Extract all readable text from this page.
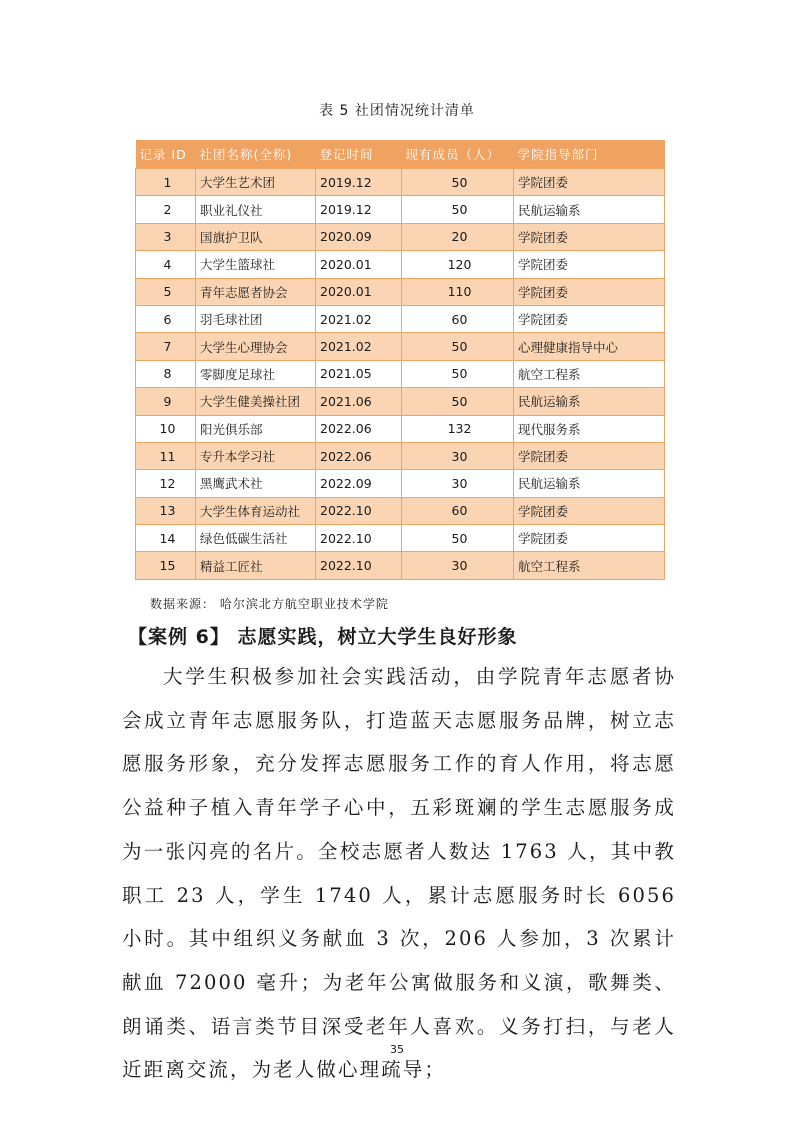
表 5 社团情况统计清单
记录 ID	社团名称(全称)	登记时间	现有成员（人）	学院指导部门
1	大学生艺术团	2019.12	50	学院团委
2	职业礼仪社	2019.12	50	民航运输系
3	国旗护卫队	2020.09	20	学院团委
4	大学生篮球社	2020.01	120	学院团委
5	青年志愿者协会	2020.01	110	学院团委
6	羽毛球社团	2021.02	60	学院团委
7	大学生心理协会	2021.02	50	心理健康指导中心
8	零脚度足球社	2021.05	50	航空工程系
9	大学生健美操社团	2021.06	50	民航运输系
10	阳光俱乐部	2022.06	132	现代服务系
11	专升本学习社	2022.06	30	学院团委
12	黑鹰武术社	2022.09	30	民航运输系
13	大学生体育运动社	2022.10	60	学院团委
14	绿色低碳生活社	2022.10	50	学院团委
15	精益工匠社	2022.10	30	航空工程系
数据来源： 哈尔滨北方航空职业技术学院
【案例 6】 志愿实践，树立大学生良好形象

大学生积极参加社会实践活动，由学院青年志愿者协会成立青年志愿服务队，打造蓝天志愿服务品牌，树立志愿服务形象，充分发挥志愿服务工作的育人作用，将志愿公益种子植入青年学子心中，五彩斑斓的学生志愿服务成为一张闪亮的名片。全校志愿者人数达 1763 人，其中教职工 23 人，学生 1740 人，累计志愿服务时长 6056 小时。其中组织义务献血 3 次，206 人参加，3 次累计献血 72000 毫升；为老年公寓做服务和义演，歌舞类、朗诵类、语言类节目深受老年人喜欢。义务打扫，与老人近距离交流，为老人做心理疏导；

35
